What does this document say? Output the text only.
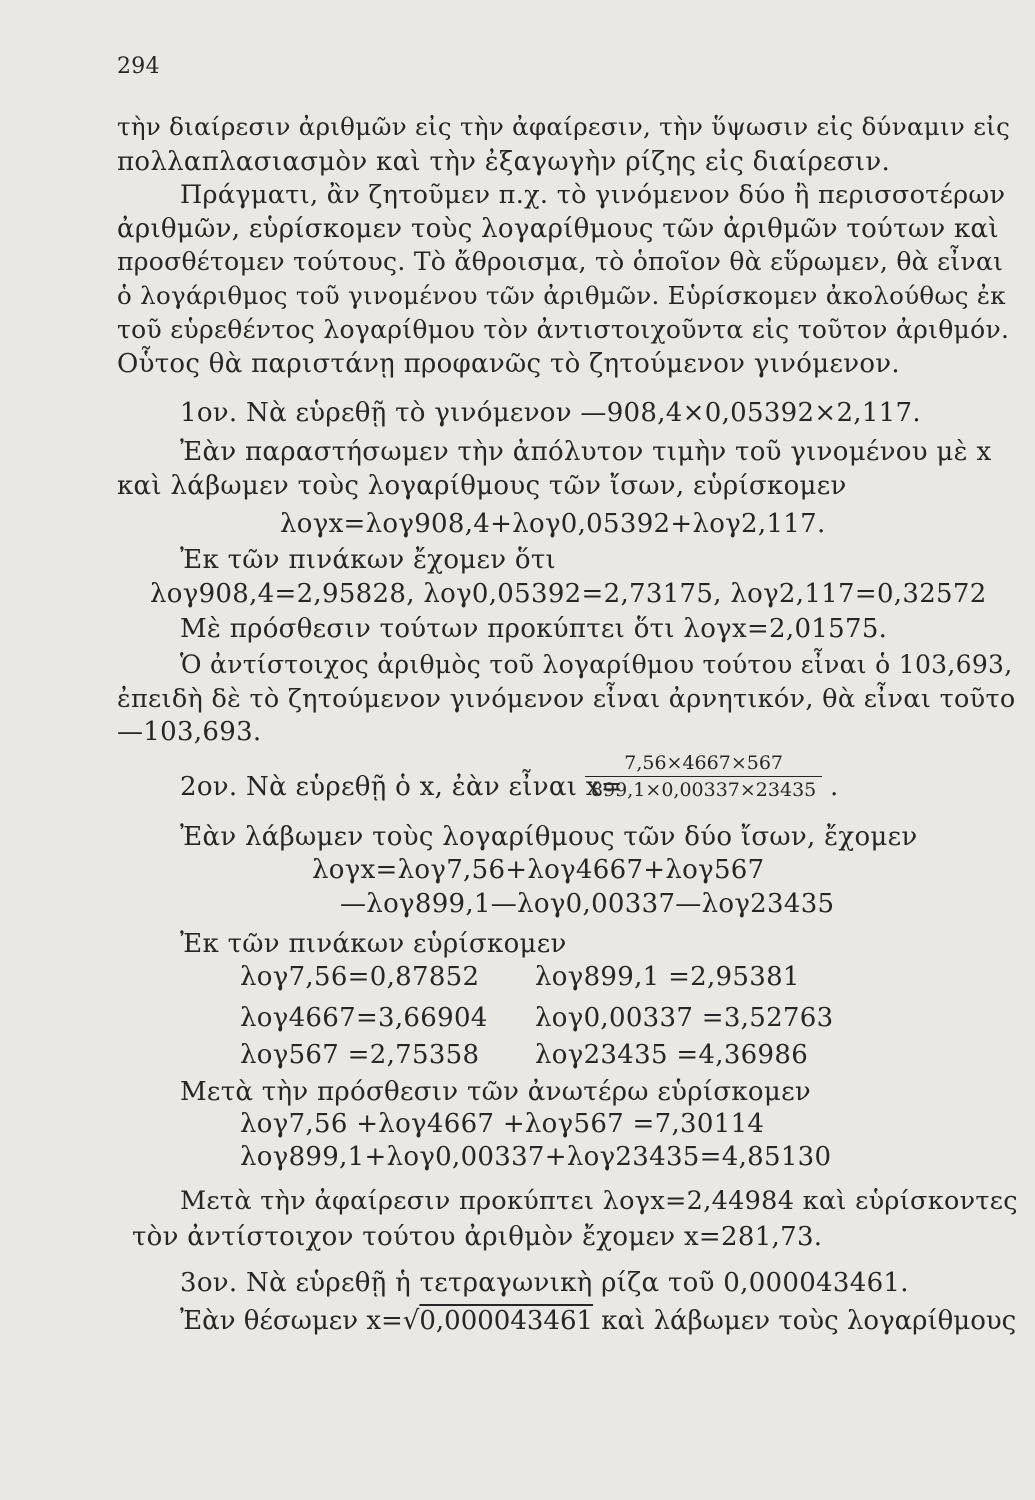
294
τὴν διαίρεσιν ἀριθμῶν εἰς τὴν ἀφαίρεσιν, τὴν ὕψωσιν εἰς δύναμιν εἰς
πολλαπλασιασμὸν καὶ τὴν ἐξαγωγὴν ρίζης εἰς διαίρεσιν.
Πράγματι, ἂν ζητοῦμεν π.χ. τὸ γινόμενον δύο ἢ περισσοτέρων
ἀριθμῶν, εὑρίσκομεν τοὺς λογαρίθμους τῶν ἀριθμῶν τούτων καὶ
προσθέτομεν τούτους. Τὸ ἄθροισμα, τὸ ὁποῖον θὰ εὕρωμεν, θὰ εἶναι
ὁ λογάριθμος τοῦ γινομένου τῶν ἀριθμῶν. Εὑρίσκομεν ἀκολούθως ἐκ
τοῦ εὑρεθέντος λογαρίθμου τὸν ἀντιστοιχοῦντα εἰς τοῦτον ἀριθμόν.
Οὗτος θὰ παριστάνῃ προφανῶς τὸ ζητούμενον γινόμενον.
1ον. Νὰ εὑρεθῇ τὸ γινόμενον —908,4×0,05392×2,117.
Ἐὰν παραστήσωμεν τὴν ἀπόλυτον τιμὴν τοῦ γινομένου μὲ x
καὶ λάβωμεν τοὺς λογαρίθμους τῶν ἴσων, εὑρίσκομεν
λογx=λογ908,4+λογ0,05392+λογ2,117.
Ἐκ τῶν πινάκων ἔχομεν ὅτι
λογ908,4=2,95828, λογ0,05392=2,73175, λογ2,117=0,32572
Μὲ πρόσθεσιν τούτων προκύπτει ὅτι λογx=2,01575.
Ὁ ἀντίστοιχος ἀριθμὸς τοῦ λογαρίθμου τούτου εἶναι ὁ 103,693,
ἐπειδὴ δὲ τὸ ζητούμενον γινόμενον εἶναι ἀρνητικόν, θὰ εἶναι τοῦτο
—103,693.
2ον. Νὰ εὑρεθῇ ὁ x, ἐὰν εἶναι x=
$\frac{7,56\times 4667\times 567}{899,1\times 0,00337\times 23435}$ .
Ἐὰν λάβωμεν τοὺς λογαρίθμους τῶν δύο ἴσων, ἔχομεν
λογx=λογ7,56+λογ4667+λογ567
—λογ899,1—λογ0,00337—λογ23435
Ἐκ τῶν πινάκων εὑρίσκομεν
λογ7,56=0,87852 λογ899,1 =2,95381
λογ4667=3,66904 λογ0,00337 =3,52763
λογ567 =2,75358 λογ23435 =4,36986
Μετὰ τὴν πρόσθεσιν τῶν ἀνωτέρω εὑρίσκομεν
λογ7,56 +λογ4667 +λογ567 =7,30114
λογ899,1+λογ0,00337+λογ23435=4,85130
Μετὰ τὴν ἀφαίρεσιν προκύπτει λογx=2,44984 καὶ εὑρίσκοντες
τὸν ἀντίστοιχον τούτου ἀριθμὸν ἔχομεν x=281,73.
3ον. Νὰ εὑρεθῇ ἡ τετραγωνικὴ ρίζα τοῦ 0,000043461.
Ἐὰν θέσωμεν x=√0,000043461 καὶ λάβωμεν τοὺς λογαρίθμους
